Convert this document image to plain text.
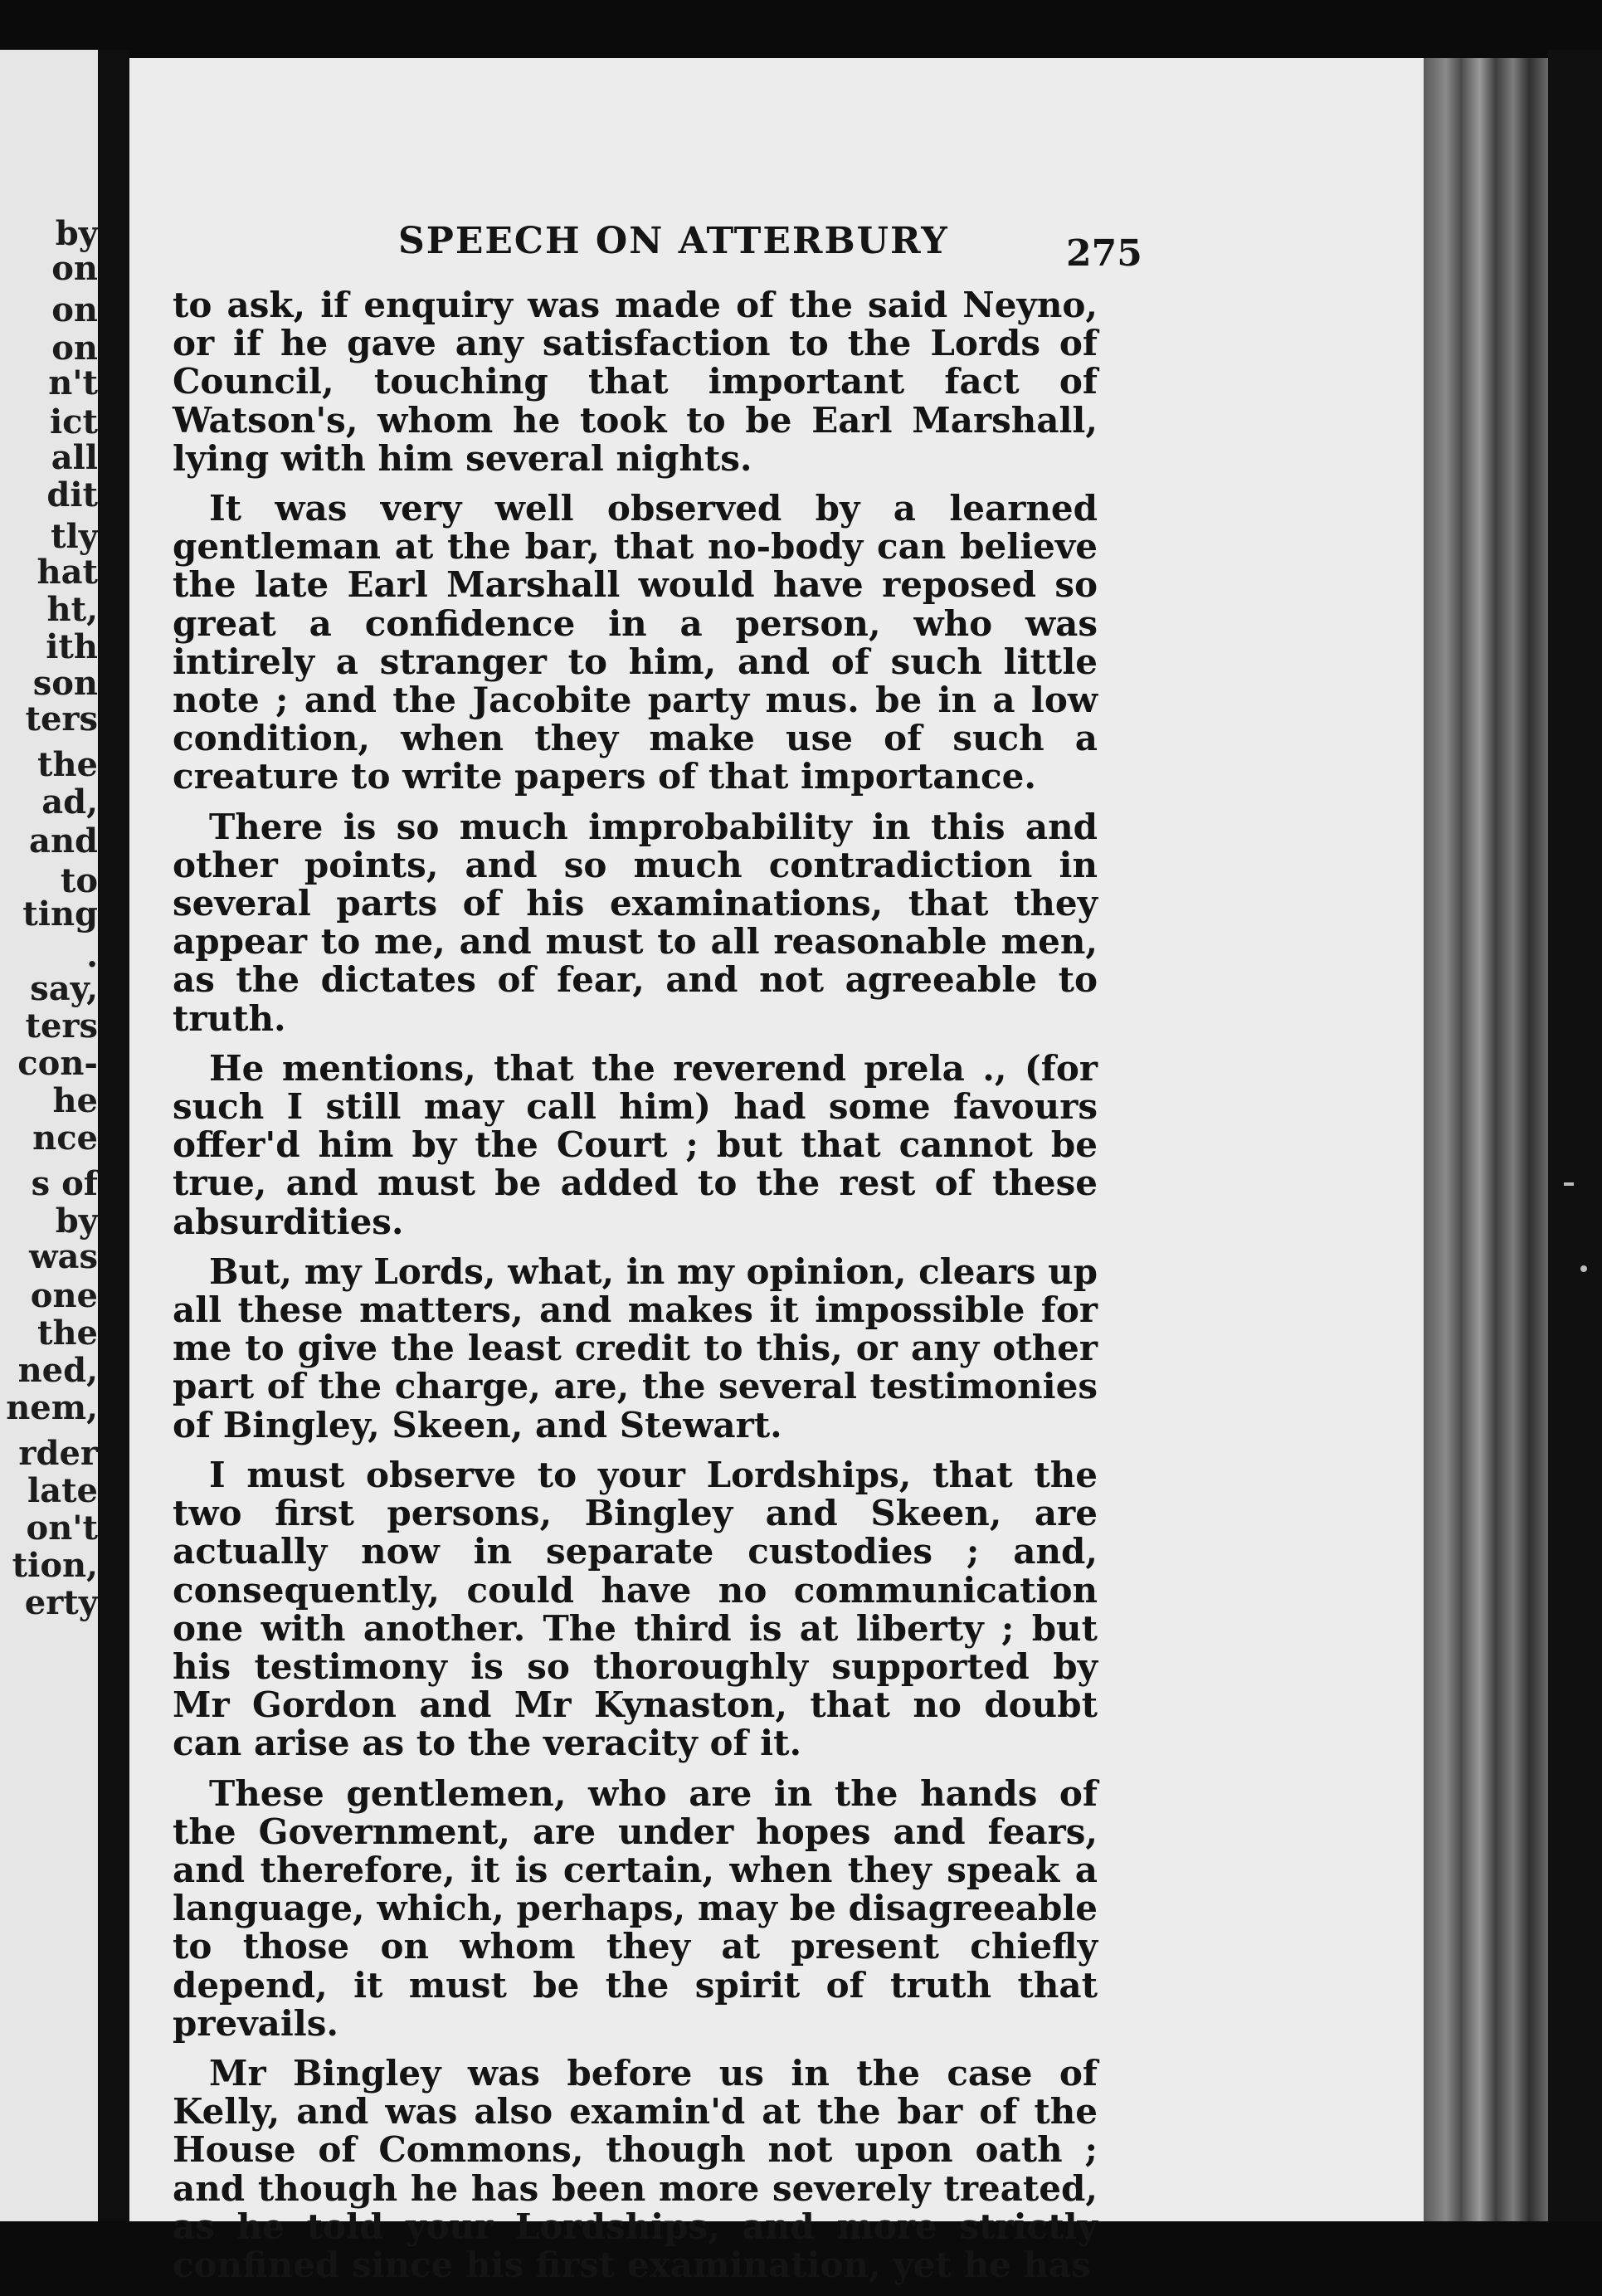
by
on
on
on
n't
ict
all
dit
tly
hat
ht,
ith
son
ters
the
ad,
and
to
ting
.
say,
ters
con-
he
nce
s of
by
was
one
the
ned,
nem,
rder
late
on't
tion,
erty
SPEECH ON ATTERBURY	275

to ask, if enquiry was made of the said Neyno, or if he gave any satisfaction to the Lords of Council, touching that important fact of Watson's, whom he took to be Earl Marshall, lying with him several nights.

It was very well observed by a learned gentleman at the bar, that no-body can believe the late Earl Marshall would have reposed so great a confidence in a person, who was intirely a stranger to him, and of such little note ; and the Jacobite party mus. be in a low condition, when they make use of such a creature to write papers of that importance.

There is so much improbability in this and other points, and so much contradiction in several parts of his examinations, that they appear to me, and must to all reasonable men, as the dictates of fear, and not agreeable to truth.

He mentions, that the reverend prela ., (for such I still may call him) had some favours offer'd him by the Court ; but that cannot be true, and must be added to the rest of these absurdities.

But, my Lords, what, in my opinion, clears up all these matters, and makes it impossible for me to give the least credit to this, or any other part of the charge, are, the several testimonies of Bingley, Skeen, and Stewart.

I must observe to your Lordships, that the two first persons, Bingley and Skeen, are actually now in separate custodies ; and, consequently, could have no communication one with another. The third is at liberty ; but his testimony is so thoroughly supported by Mr Gordon and Mr Kynaston, that no doubt can arise as to the veracity of it.

These gentlemen, who are in the hands of the Government, are under hopes and fears, and therefore, it is certain, when they speak a language, which, perhaps, may be disagreeable to those on whom they at present chiefly depend, it must be the spirit of truth that prevails.

Mr Bingley was before us in the case of Kelly, and was also examin'd at the bar of the House of Commons, though not upon oath ; and though he has been more severely treated, as he told your Lordships, and more strictly confined since his first examination, yet he has
